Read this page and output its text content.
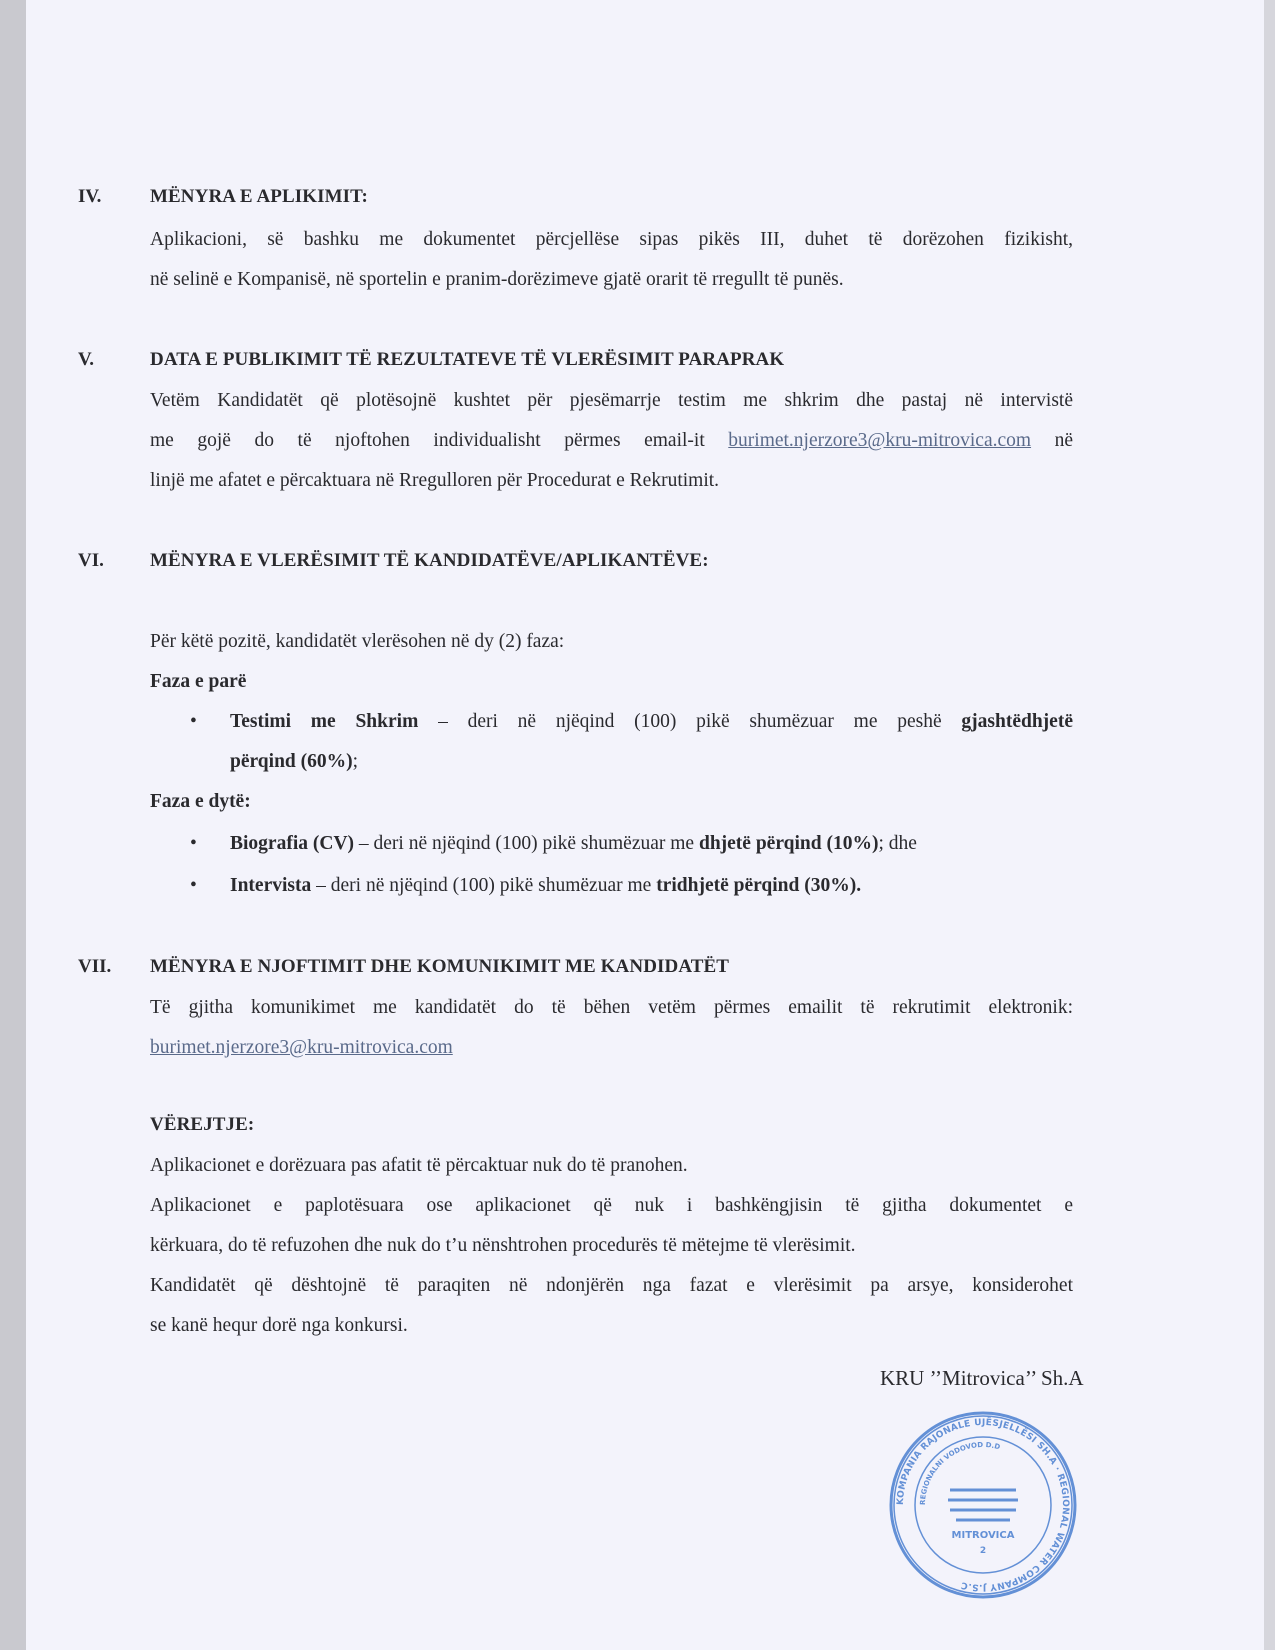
IV.	MËNYRA E APLIKIMIT:
Aplikacioni, së bashku me dokumentet përcjellëse sipas pikës III, duhet të dorëzohen fizikisht,
në selinë e Kompanisë, në sportelin e pranim-dorëzimeve gjatë orarit të rregullt të punës.
V.	DATA E PUBLIKIMIT TË REZULTATEVE TË VLERËSIMIT PARAPRAK
Vetëm Kandidatët që plotësojnë kushtet për pjesëmarrje testim me shkrim dhe pastaj në intervistë
me gojë do të njoftohen individualisht përmes email-it burimet.njerzore3@kru-mitrovica.com në
linjë me afatet e përcaktuara në Rregulloren për Procedurat e Rekrutimit.
VI. MËNYRA E VLERËSIMIT TË KANDIDATËVE/APLIKANTËVE:
Për këtë pozitë, kandidatët vlerësohen në dy (2) faza:
Faza e parë
• Testimi me Shkrim – deri në njëqind (100) pikë shumëzuar me peshë gjashtëdhjetë
përqind (60%);
Faza e dytë:
• Biografia (CV) – deri në njëqind (100) pikë shumëzuar me dhjetë përqind (10%); dhe
• Intervista – deri në njëqind (100) pikë shumëzuar me tridhjetë përqind (30%).
VII. MËNYRA E NJOFTIMIT DHE KOMUNIKIMIT ME KANDIDATËT
Të gjitha komunikimet me kandidatët do të bëhen vetëm përmes emailit të rekrutimit elektronik:
burimet.njerzore3@kru-mitrovica.com
VËREJTJE:
Aplikacionet e dorëzuara pas afatit të përcaktuar nuk do të pranohen.
Aplikacionet e paplotësuara ose aplikacionet që nuk i bashkëngjisin të gjitha dokumentet e
kërkuara, do të refuzohen dhe nuk do t’u nënshtrohen procedurës të mëtejme të vlerësimit.
Kandidatët që dështojnë të paraqiten në ndonjërën nga fazat e vlerësimit pa arsye, konsiderohet
se kanë hequr dorë nga konkursi.
KRU ’’Mitrovica’’ Sh.A
KOMPANIA RAJONALE UJËSJELLËSI SH.A · REGIONAL WATER COMPANY J.S.C
REGIONALNI VODOVOD D.D
MITROVICA
2
